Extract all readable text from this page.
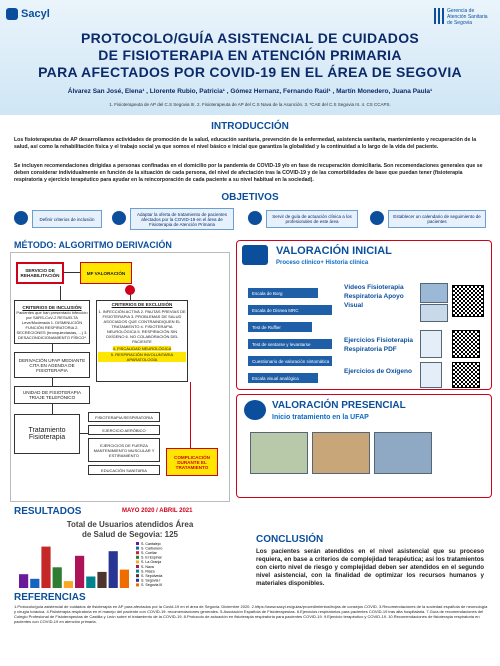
Sacyl	Gerencia de Atención Sanitaria de Segovia
PROTOCOLO/GUÍA ASISTENCIAL DE CUIDADOS
DE FISIOTERAPIA EN ATENCIÓN PRIMARIA
PARA AFECTADOS POR COVID-19 EN EL ÁREA DE SEGOVIA
Álvarez San José, Elena¹ , Llorente Rubio, Patricia¹ , Gómez Hernanz, Fernando Raúl¹ , Martín Monedero, Juana Paula¹
1. Fisioterapeuta de AP del C.S Segovia III. 2. Fisioterapeuta de AP del C.S Nava de la Asunción. 3. *CAE del C.S Segovia III. 4. CS CCAPS.
INTRODUCCIÓN
Los fisioterapeutas de AP desarrollamos actividades de promoción de la salud, educación sanitaria, prevención de la enfermedad, asistencia sanitaria, mantenimiento y recuperación de la salud, así como la rehabilitación física y el trabajo social ya que somos el nivel básico e inicial que garantiza la globalidad y la continuidad a lo largo de la vida del paciente.
Se incluyen recomendaciones dirigidas a personas confinadas en el domicilio por la pandemia de COVID-19 y/o en fase de recuperación domiciliaria. Son recomendaciones generales que se deben considerar individualmente en función de la situación de cada persona, del nivel de afectación tras la COVID-19 y de las comorbilidades de base que puedan tener (fisioterapia respiratoria y ejercicio terapéutico para ayudar en la reincorporación de cada paciente a su nivel habitual en la sociedad).
OBJETIVOS
Definir criterios de inclusión
Adaptar la oferta de tratamiento de pacientes afectados por la COVID-19 en el área de Fisioterapia de Atención Primaria
Servir de guía de actuación clínica a los profesionales de este área
Establecer un calendario de seguimiento de pacientes
MÉTODO: ALGORITMO DERIVACIÓN
SERVICIO DE REHABILITACIÓN	MF VALORACIÓN
CRITERIOS DE INCLUSIÓN
Pacientes que han presentado infección por SARS-CoV-2 RESUELTA Leve/Moderada 1. DISMINUCIÓN FUNCIÓN RESPIRATORIA 2. SECRECIONES (bronquiectasias, ...) 3. DESACONDICIONAMIENTO FÍSICO*
CRITERIOS DE EXCLUSIÓN
1. INFECCIÓN ACTIVA 2. PAUTAS PREVIAS DE FISIOTERAPIA 3. PROBLEMAS DE SALUD ASOCIADOS QUE CONTRAINDIQUEN EL TRATAMIENTO 4. FISIOTERAPIA NEUROLÓGICA 5. RESPIRACIÓN SIN OXÍGENO 6. NO COLABORACIÓN DEL PACIENTE
4. FISCALIDAD NEUROLÓGICA
5. RESPIRACIÓN INVOLUNTARIA APARATOLOGÍA
DERIVACIÓN UFAP MEDIANTE CITA EN AGENDA DE FISIOTERAPIA
UNIDAD DE FISIOTERAPIA TRIAJE TELEFÓNICO
Tratamiento Fisioterapia
FISIOTERAPIA RESPIRATORIA
EJERCICIO AERÓBICO
EJERCICIOS DE FUERZA MANTENIMIENTO MUSCULAR Y ESTIRAMIENTO
EDUCACIÓN SANITARIA
COMPLICACIÓN DURANTE EL TRATAMIENTO
VALORACIÓN INICIAL
Proceso clínico+ Historia clínica
Escala de Borg
Escala de Disnea MRC
Test de Ruffier
Test de sentarse y levantarse
Cuestionario de valoración sintomática
Escala visual analógica
Vídeos Fisioterapia Respiratoria Apoyo Visual
Ejercicios Fisioterapia Respiratoria PDF
Ejercicios de Oxígeno
VALORACIÓN PRESENCIAL
Inicio tratamiento en la UFAP
RESULTADOS	MAYO 2020 / ABRIL 2021
Total de Usuarios atendidos Área
de Salud de Segovia: 125
S. Cantalejo
S. Carbonero
S. Cuéllar
S. El Espinar
S. La Granja
S. Nava
S. Riaza
S. Sepúlveda
S. Segovia I
S. Segovia III
CONCLUSIÓN
Los pacientes serán atendidos en el nivel asistencial que su proceso requiera, en base a criterios de complejidad terapéutica; así los tratamientos con cierto nivel de riesgo y complejidad deben ser atendidos en el segundo nivel asistencial, con la finalidad de optimizar los recursos humanos y materiales disponibles.
REFERENCIAS
1.Protocolo/guía asistencial de cuidados de fisioterapia en AP para afectados por la Covid-19 en el área de Segovia. Diciembre 2020. 2.https://www.sacyl.es/guias/procedimientos/hojas de consejos COVID. 3.Recomendaciones de la sociedad española de neumología y cirugía torácica. 4.Fisioterapia respiratoria en el manejo del paciente con COVID-19: recomendaciones generales. 5.Asociación Española de Fisioterapeutas. 6.Ejercicios respiratorios para pacientes COVID-19 tras alta hospitalaria. 7.Guía de recomendaciones del Colegio Profesional de Fisioterapeutas de Castilla y León sobre el tratamiento de la COVID-19. 8.Protocolo de actuación en fisioterapia respiratoria para pacientes COVID-19. 9.Ejercicio terapéutico y COVID-19. 10.Recomendaciones de fisioterapia respiratoria en pacientes con COVID-19 en atención primaria.
